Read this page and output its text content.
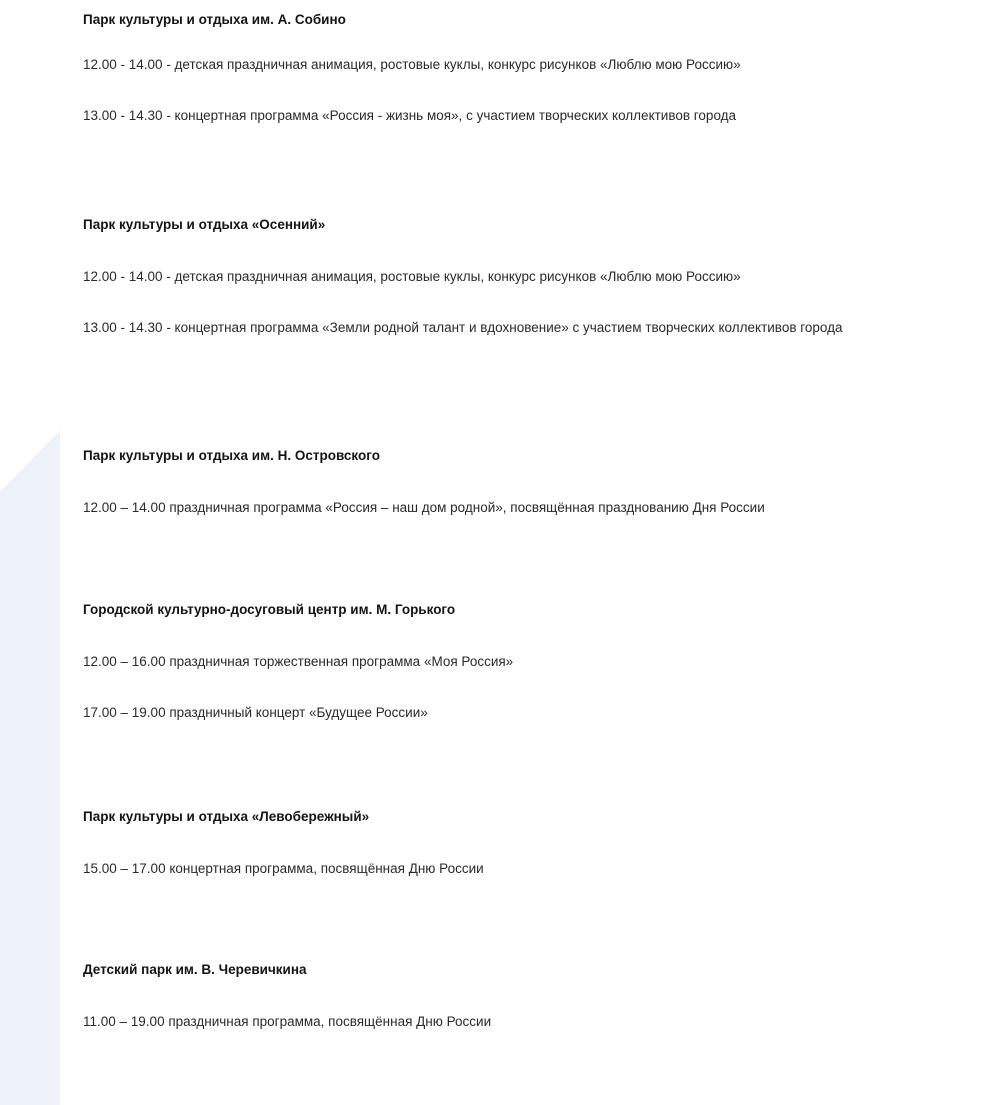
Парк культуры и отдыха им. А. Собино

12.00 - 14.00 - детская праздничная анимация, ростовые куклы, конкурс рисунков «Люблю мою Россию»

13.00 - 14.30 - концертная программа «Россия - жизнь моя», с участием творческих коллективов города

Парк культуры и отдыха «Осенний»

12.00 - 14.00 - детская праздничная анимация, ростовые куклы, конкурс рисунков «Люблю мою Россию»

13.00 - 14.30 - концертная программа «Земли родной талант и вдохновение» с участием творческих коллективов города

Парк культуры и отдыха им. Н. Островского

12.00 – 14.00 праздничная программа «Россия – наш дом родной», посвящённая празднованию Дня России

Городской культурно-досуговый центр им. М. Горького

12.00 – 16.00 праздничная торжественная программа «Моя Россия»

17.00 – 19.00 праздничный концерт «Будущее России»

Парк культуры и отдыха «Левобережный»

15.00 – 17.00 концертная программа, посвящённая Дню России

Детский парк им. В. Черевичкина

11.00 – 19.00 праздничная программа, посвящённая Дню России
